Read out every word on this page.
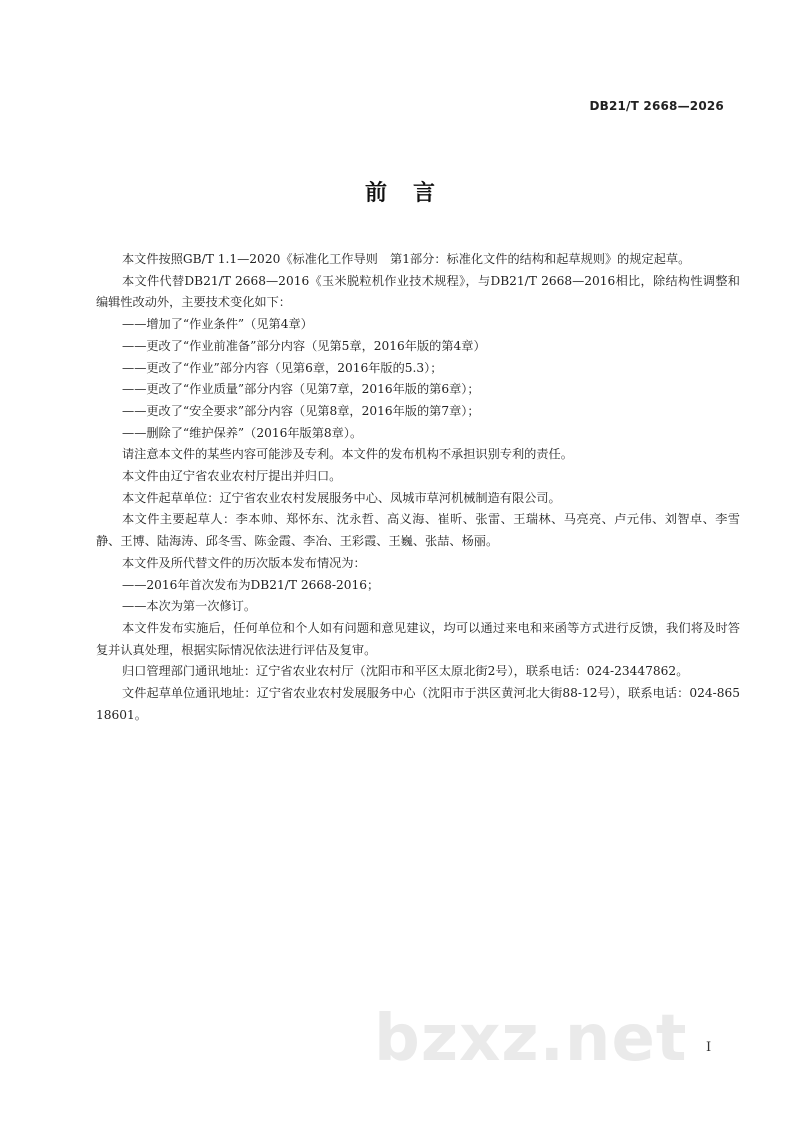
DB21/T 2668—2026
前言

本文件按照GB/T 1.1—2020《标准化工作导则　第1部分：标准化文件的结构和起草规则》的规定起草。

本文件代替DB21/T 2668—2016《玉米脱粒机作业技术规程》，与DB21/T 2668—2016相比，除结构性调整和编辑性改动外，主要技术变化如下：

——增加了“作业条件”（见第4章）

——更改了“作业前准备”部分内容（见第5章，2016年版的第4章）

——更改了“作业”部分内容（见第6章，2016年版的5.3）；

——更改了“作业质量”部分内容（见第7章，2016年版的第6章）；

——更改了“安全要求”部分内容（见第8章，2016年版的第7章）；

——删除了“维护保养”（2016年版第8章）。

请注意本文件的某些内容可能涉及专利。本文件的发布机构不承担识别专利的责任。

本文件由辽宁省农业农村厅提出并归口。

本文件起草单位：辽宁省农业农村发展服务中心、凤城市草河机械制造有限公司。

本文件主要起草人：李本帅、郑怀东、沈永哲、高义海、崔昕、张雷、王瑞林、马亮亮、卢元伟、刘智卓、李雪静、王博、陆海涛、邱冬雪、陈金霞、李冶、王彩霞、王巍、张喆、杨丽。

本文件及所代替文件的历次版本发布情况为：

——2016年首次发布为DB21/T 2668-2016；

——本次为第一次修订。

本文件发布实施后，任何单位和个人如有问题和意见建议，均可以通过来电和来函等方式进行反馈，我们将及时答复并认真处理，根据实际情况依法进行评估及复审。

归口管理部门通讯地址：辽宁省农业农村厅（沈阳市和平区太原北街2号），联系电话：024-23447862。

文件起草单位通讯地址：辽宁省农业农村发展服务中心（沈阳市于洪区黄河北大街88-12号），联系电话：024-86518601。

bzxz.net I
